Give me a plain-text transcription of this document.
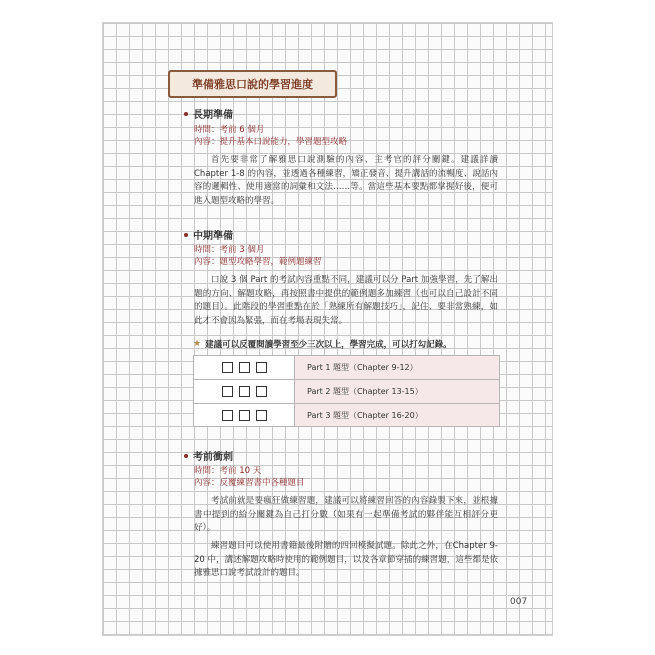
準備雅思口說的學習進度
長期準備
時間：考前 6 個月
內容：提升基本口說能力，學習題型攻略
首先要非常了解雅思口說測驗的內容、主考官的評分關鍵。建議詳讀Chapter 1-8 的內容，並透過各種練習，矯正發音、提升講話的流暢度、說話內容的邏輯性、使用適當的詞彙和文法……等。當這些基本要點都掌握好後，便可進入題型攻略的學習。
中期準備
時間：考前 3 個月
內容：題型攻略學習，範例題練習
口說 3 個 Part 的考試內容重點不同，建議可以分 Part 加強學習，先了解出題的方向、解題攻略，再按照書中提供的範例題多加練習（也可以自己設計不同的題目）。此階段的學習重點在於「熟練所有解題技巧」，記住、要非常熟練，如此才不會因為緊張，而在考場表現失常。
★ 建議可以反覆閱讀學習至少三次以上，學習完成，可以打勾記錄。
Part 1 題型（Chapter 9-12）
Part 2 題型（Chapter 13-15）
Part 3 題型（Chapter 16-20）
考前衝刺
時間：考前 10 天
內容：反覆練習書中各種題目
考試前就是要瘋狂做練習題，建議可以將練習回答的內容錄製下來，並根據書中提到的給分關鍵為自己打分數（如果有一起準備考試的夥伴能互相評分更好）。
練習題目可以使用書籍最後附贈的四回模擬試題。除此之外，在Chapter 9-20 中，講述解題攻略時使用的範例題目，以及各章節穿插的練習題，這些都是依據雅思口說考試設計的題目。
007
